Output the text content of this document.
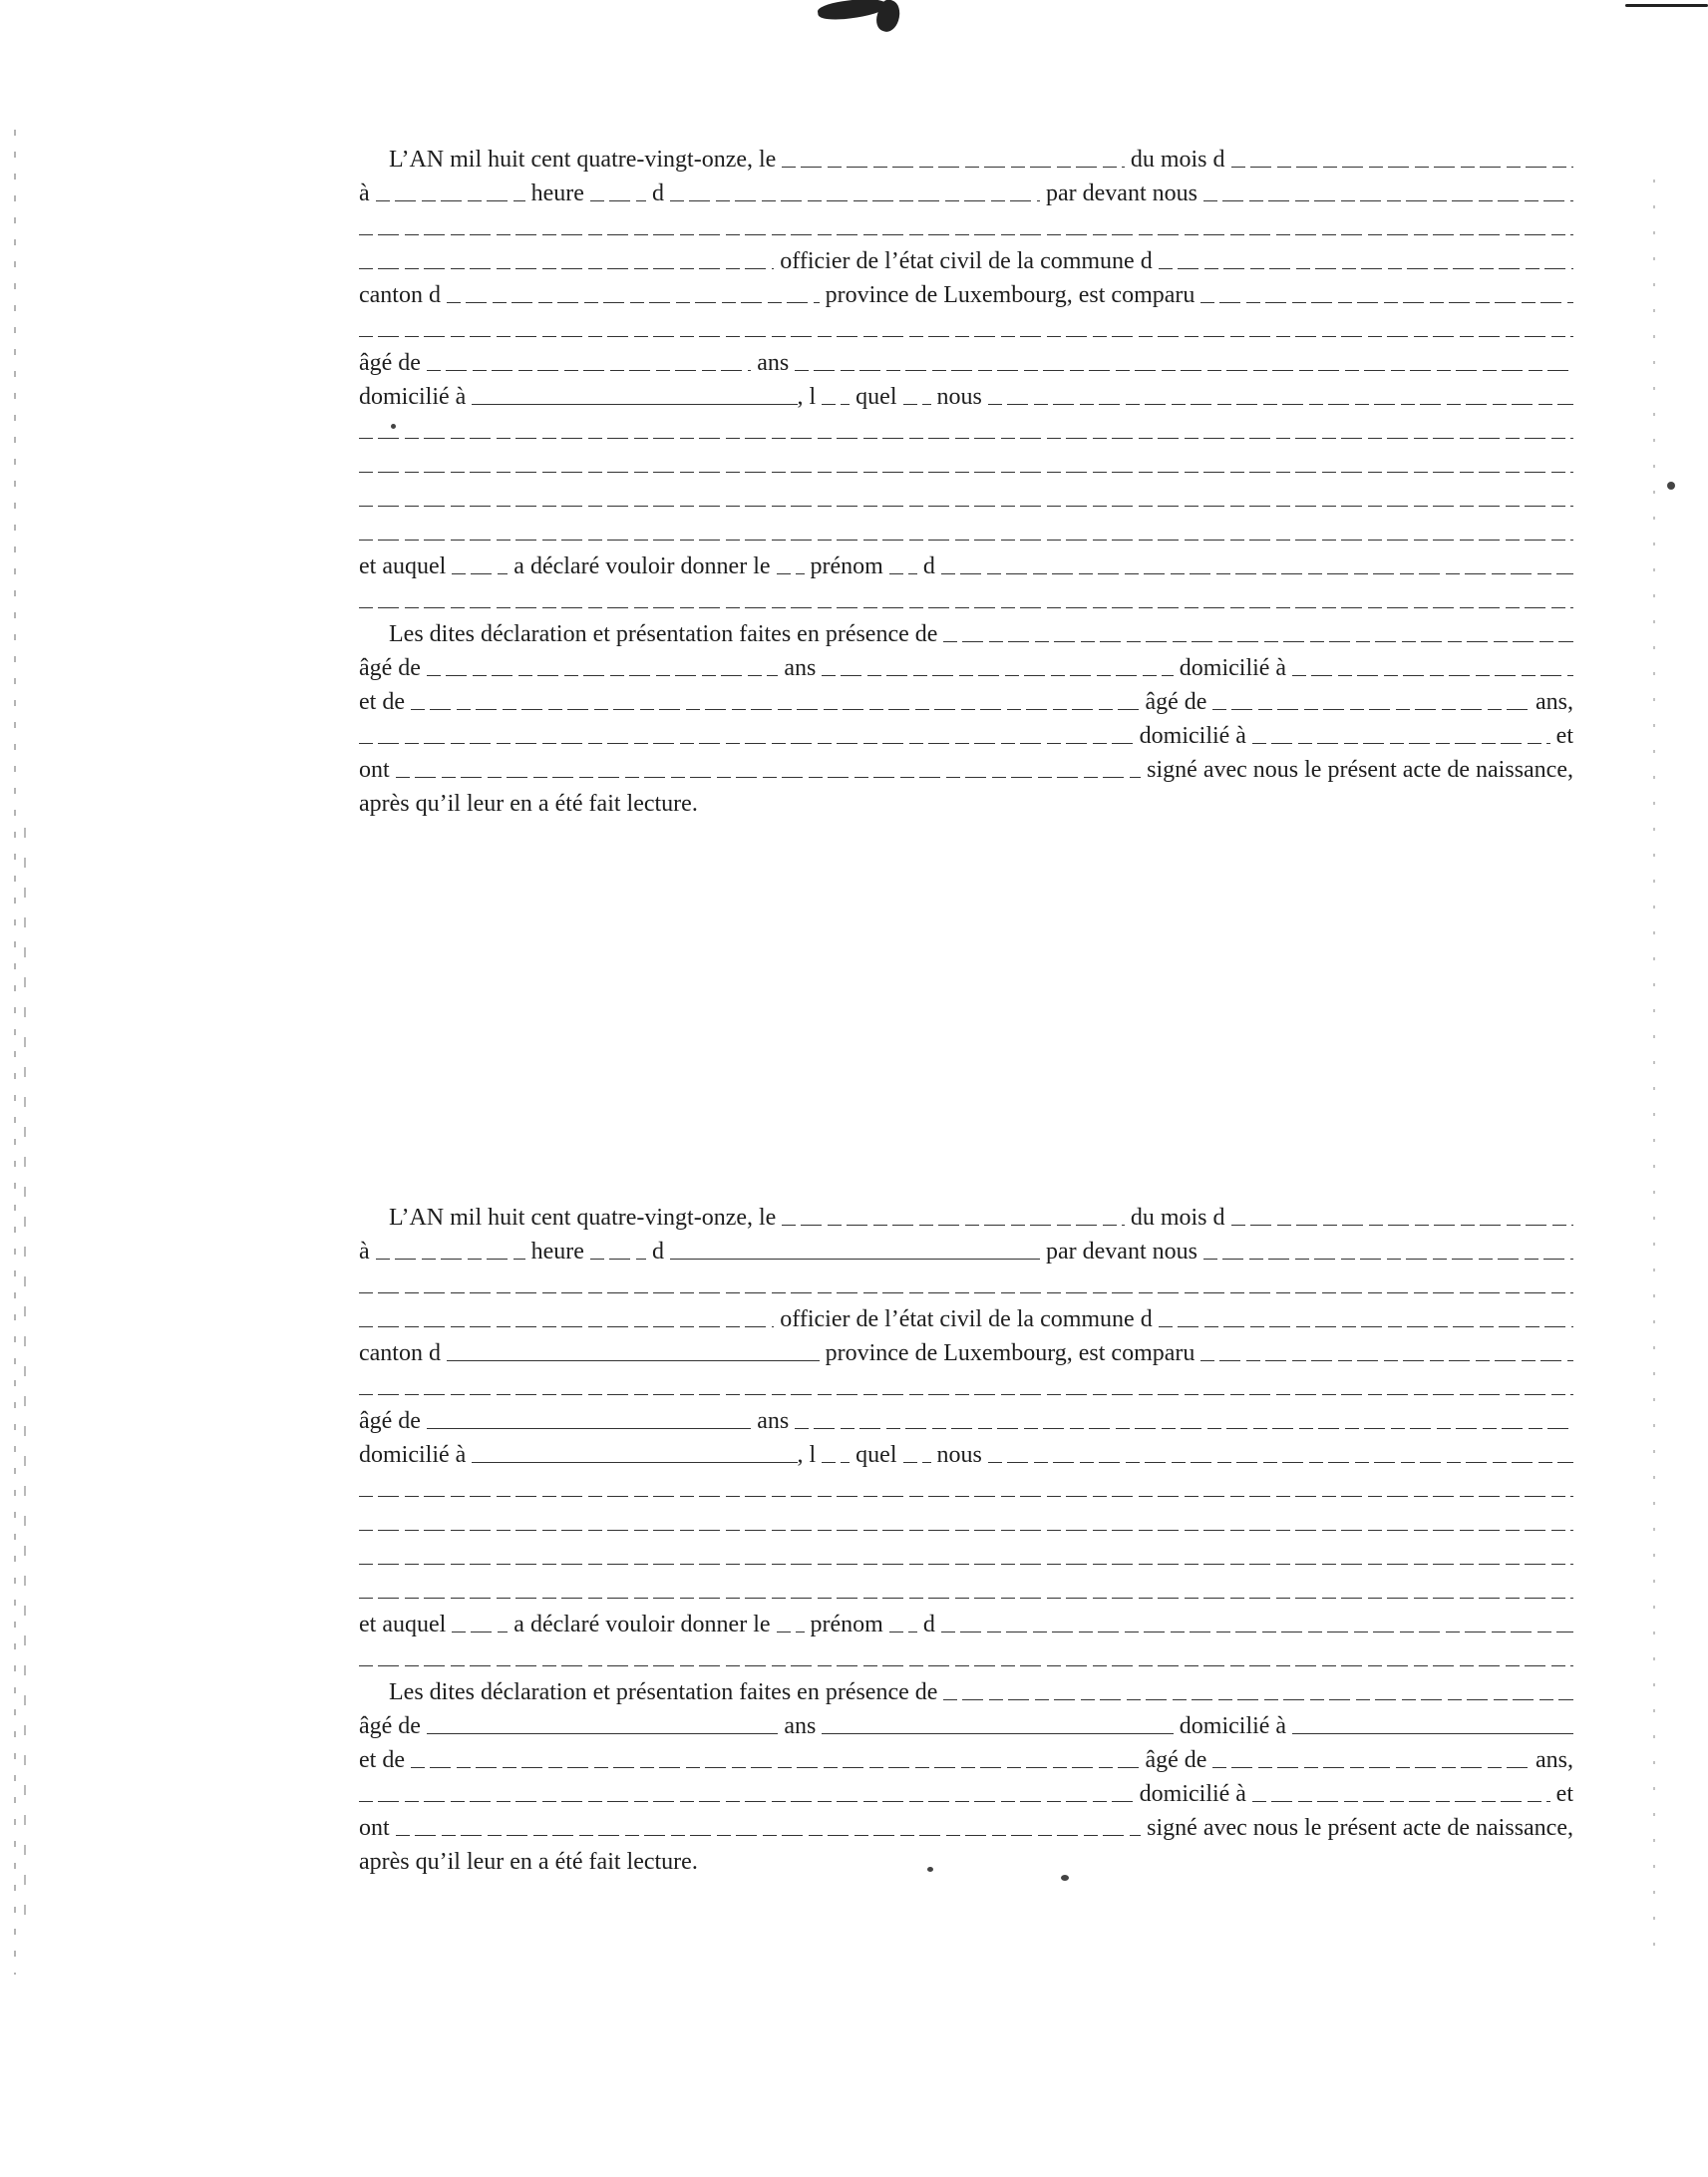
L’AN mil huit cent quatre-vingt-onze, le	du mois d
à	heure	d	par devant nous
officier de l’état civil de la commune d
canton d	province de Luxembourg, est comparu
âgé de	ans
domicilié à	, l quel nous
et auquel	a déclaré vouloir donner le prénom d
Les dites déclaration et présentation faites en présence de
âgé de	ans	domicilié à
et de	âgé de	ans,
domicilié à	et
ont	signé avec nous le présent acte de naissance,
après qu’il leur en a été fait lecture.
L’AN mil huit cent quatre-vingt-onze, le	du mois d
à	heure	d	par devant nous
officier de l’état civil de la commune d
canton d	province de Luxembourg, est comparu
âgé de	ans
domicilié à	, l quel nous
et auquel	a déclaré vouloir donner le prénom d
Les dites déclaration et présentation faites en présence de
âgé de	ans	domicilié à
et de	âgé de	ans,
domicilié à	et
ont	signé avec nous le présent acte de naissance,
après qu’il leur en a été fait lecture.
